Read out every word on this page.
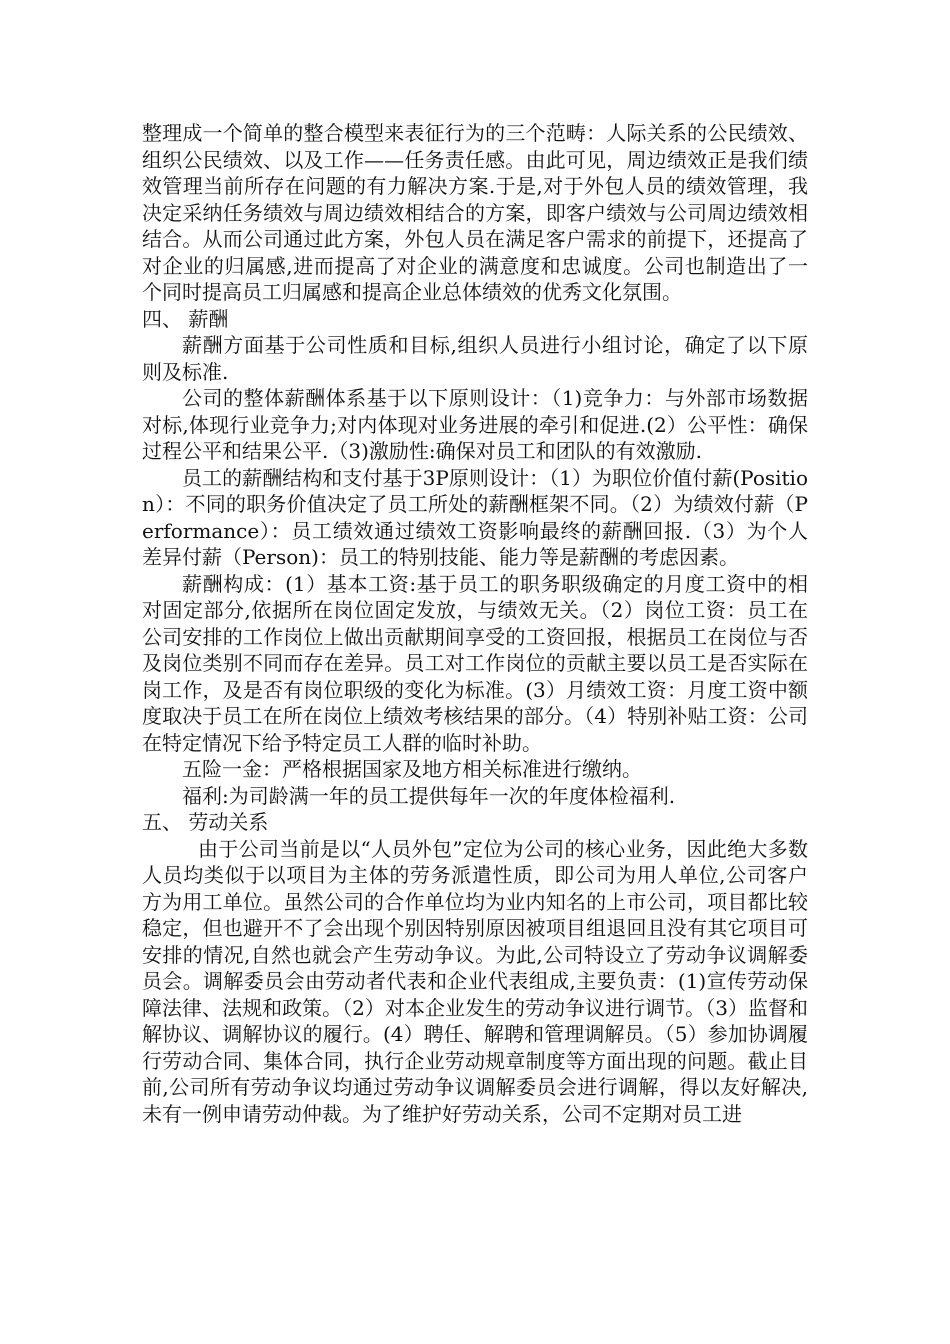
整理成一个简单的整合模型来表征行为的三个范畴：人际关系的公民绩效、组织公民绩效、以及工作——任务责任感。由此可见，周边绩效正是我们绩效管理当前所存在问题的有力解决方案.于是,对于外包人员的绩效管理，我决定采纳任务绩效与周边绩效相结合的方案，即客户绩效与公司周边绩效相结合。从而公司通过此方案，外包人员在满足客户需求的前提下，还提高了对企业的归属感,进而提高了对企业的满意度和忠诚度。公司也制造出了一个同时提高员工归属感和提高企业总体绩效的优秀文化氛围。

四、 薪酬

薪酬方面基于公司性质和目标,组织人员进行小组讨论，确定了以下原则及标准.

公司的整体薪酬体系基于以下原则设计：（1)竞争力：与外部市场数据对标,体现行业竞争力;对内体现对业务进展的牵引和促进.(2）公平性：确保过程公平和结果公平.（3)激励性:确保对员工和团队的有效激励.

员工的薪酬结构和支付基于3P原则设计：（1）为职位价值付薪(Position）：不同的职务价值决定了员工所处的薪酬框架不同。（2）为绩效付薪（Performance）：员工绩效通过绩效工资影响最终的薪酬回报.（3）为个人差异付薪（Person)：员工的特别技能、能力等是薪酬的考虑因素。

薪酬构成：(1）基本工资:基于员工的职务职级确定的月度工资中的相对固定部分,依据所在岗位固定发放，与绩效无关。（2）岗位工资：员工在公司安排的工作岗位上做出贡献期间享受的工资回报，根据员工在岗位与否及岗位类别不同而存在差异。员工对工作岗位的贡献主要以员工是否实际在岗工作，及是否有岗位职级的变化为标准。(3）月绩效工资：月度工资中额度取决于员工在所在岗位上绩效考核结果的部分。（4）特别补贴工资：公司在特定情况下给予特定员工人群的临时补助。

五险一金：严格根据国家及地方相关标准进行缴纳。

福利:为司龄满一年的员工提供每年一次的年度体检福利.

五、 劳动关系

由于公司当前是以“人员外包”定位为公司的核心业务，因此绝大多数人员均类似于以项目为主体的劳务派遣性质，即公司为用人单位,公司客户方为用工单位。虽然公司的合作单位均为业内知名的上市公司，项目都比较稳定，但也避开不了会出现个别因特别原因被项目组退回且没有其它项目可安排的情况,自然也就会产生劳动争议。为此,公司特设立了劳动争议调解委员会。调解委员会由劳动者代表和企业代表组成,主要负责：(1)宣传劳动保障法律、法规和政策。（2）对本企业发生的劳动争议进行调节。（3）监督和解协议、调解协议的履行。(4）聘任、解聘和管理调解员。（5）参加协调履行劳动合同、集体合同，执行企业劳动规章制度等方面出现的问题。截止目前,公司所有劳动争议均通过劳动争议调解委员会进行调解，得以友好解决,未有一例申请劳动仲裁。为了维护好劳动关系，公司不定期对员工进
